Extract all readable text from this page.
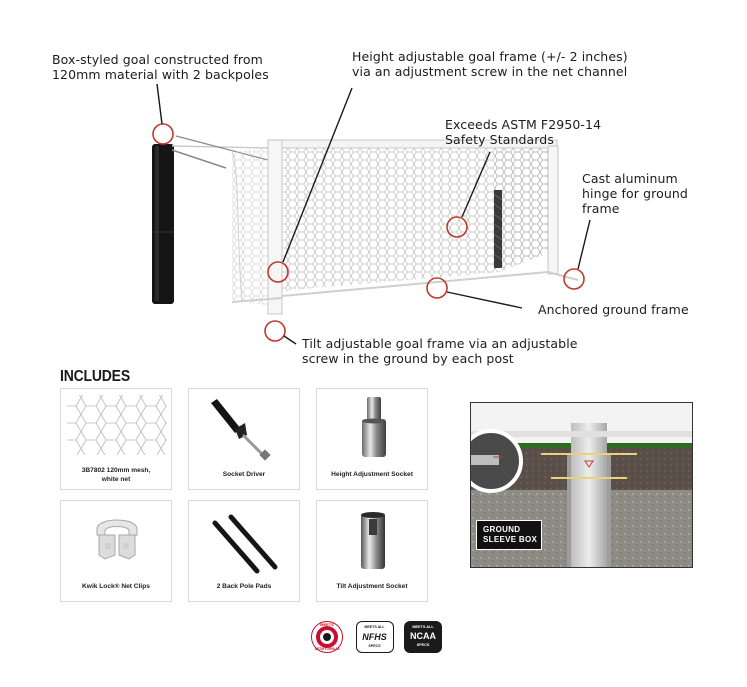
Box-styled goal constructed from
120mm material with 2 backpoles
Height adjustable goal frame (+/- 2 inches)
via an adjustment screw in the net channel
Exceeds ASTM F2950-14
Safety Standards
Cast aluminum
hinge for ground
frame
Anchored ground frame
Tilt adjustable goal frame via an adjustable
screw in the ground by each post
INCLUDES
3B7802 120mm mesh,
white net
Socket Driver	Height Adjustment Socket
Kwik Lock® Net Clips	2 Back Pole Pads	Tilt Adjustment Socket
GROUND
SLEEVE BOX
MEETS
ASTM F2950-14
MEETS ALL
NFHS
SPECS
MEETS ALL
NCAA
SPECS
